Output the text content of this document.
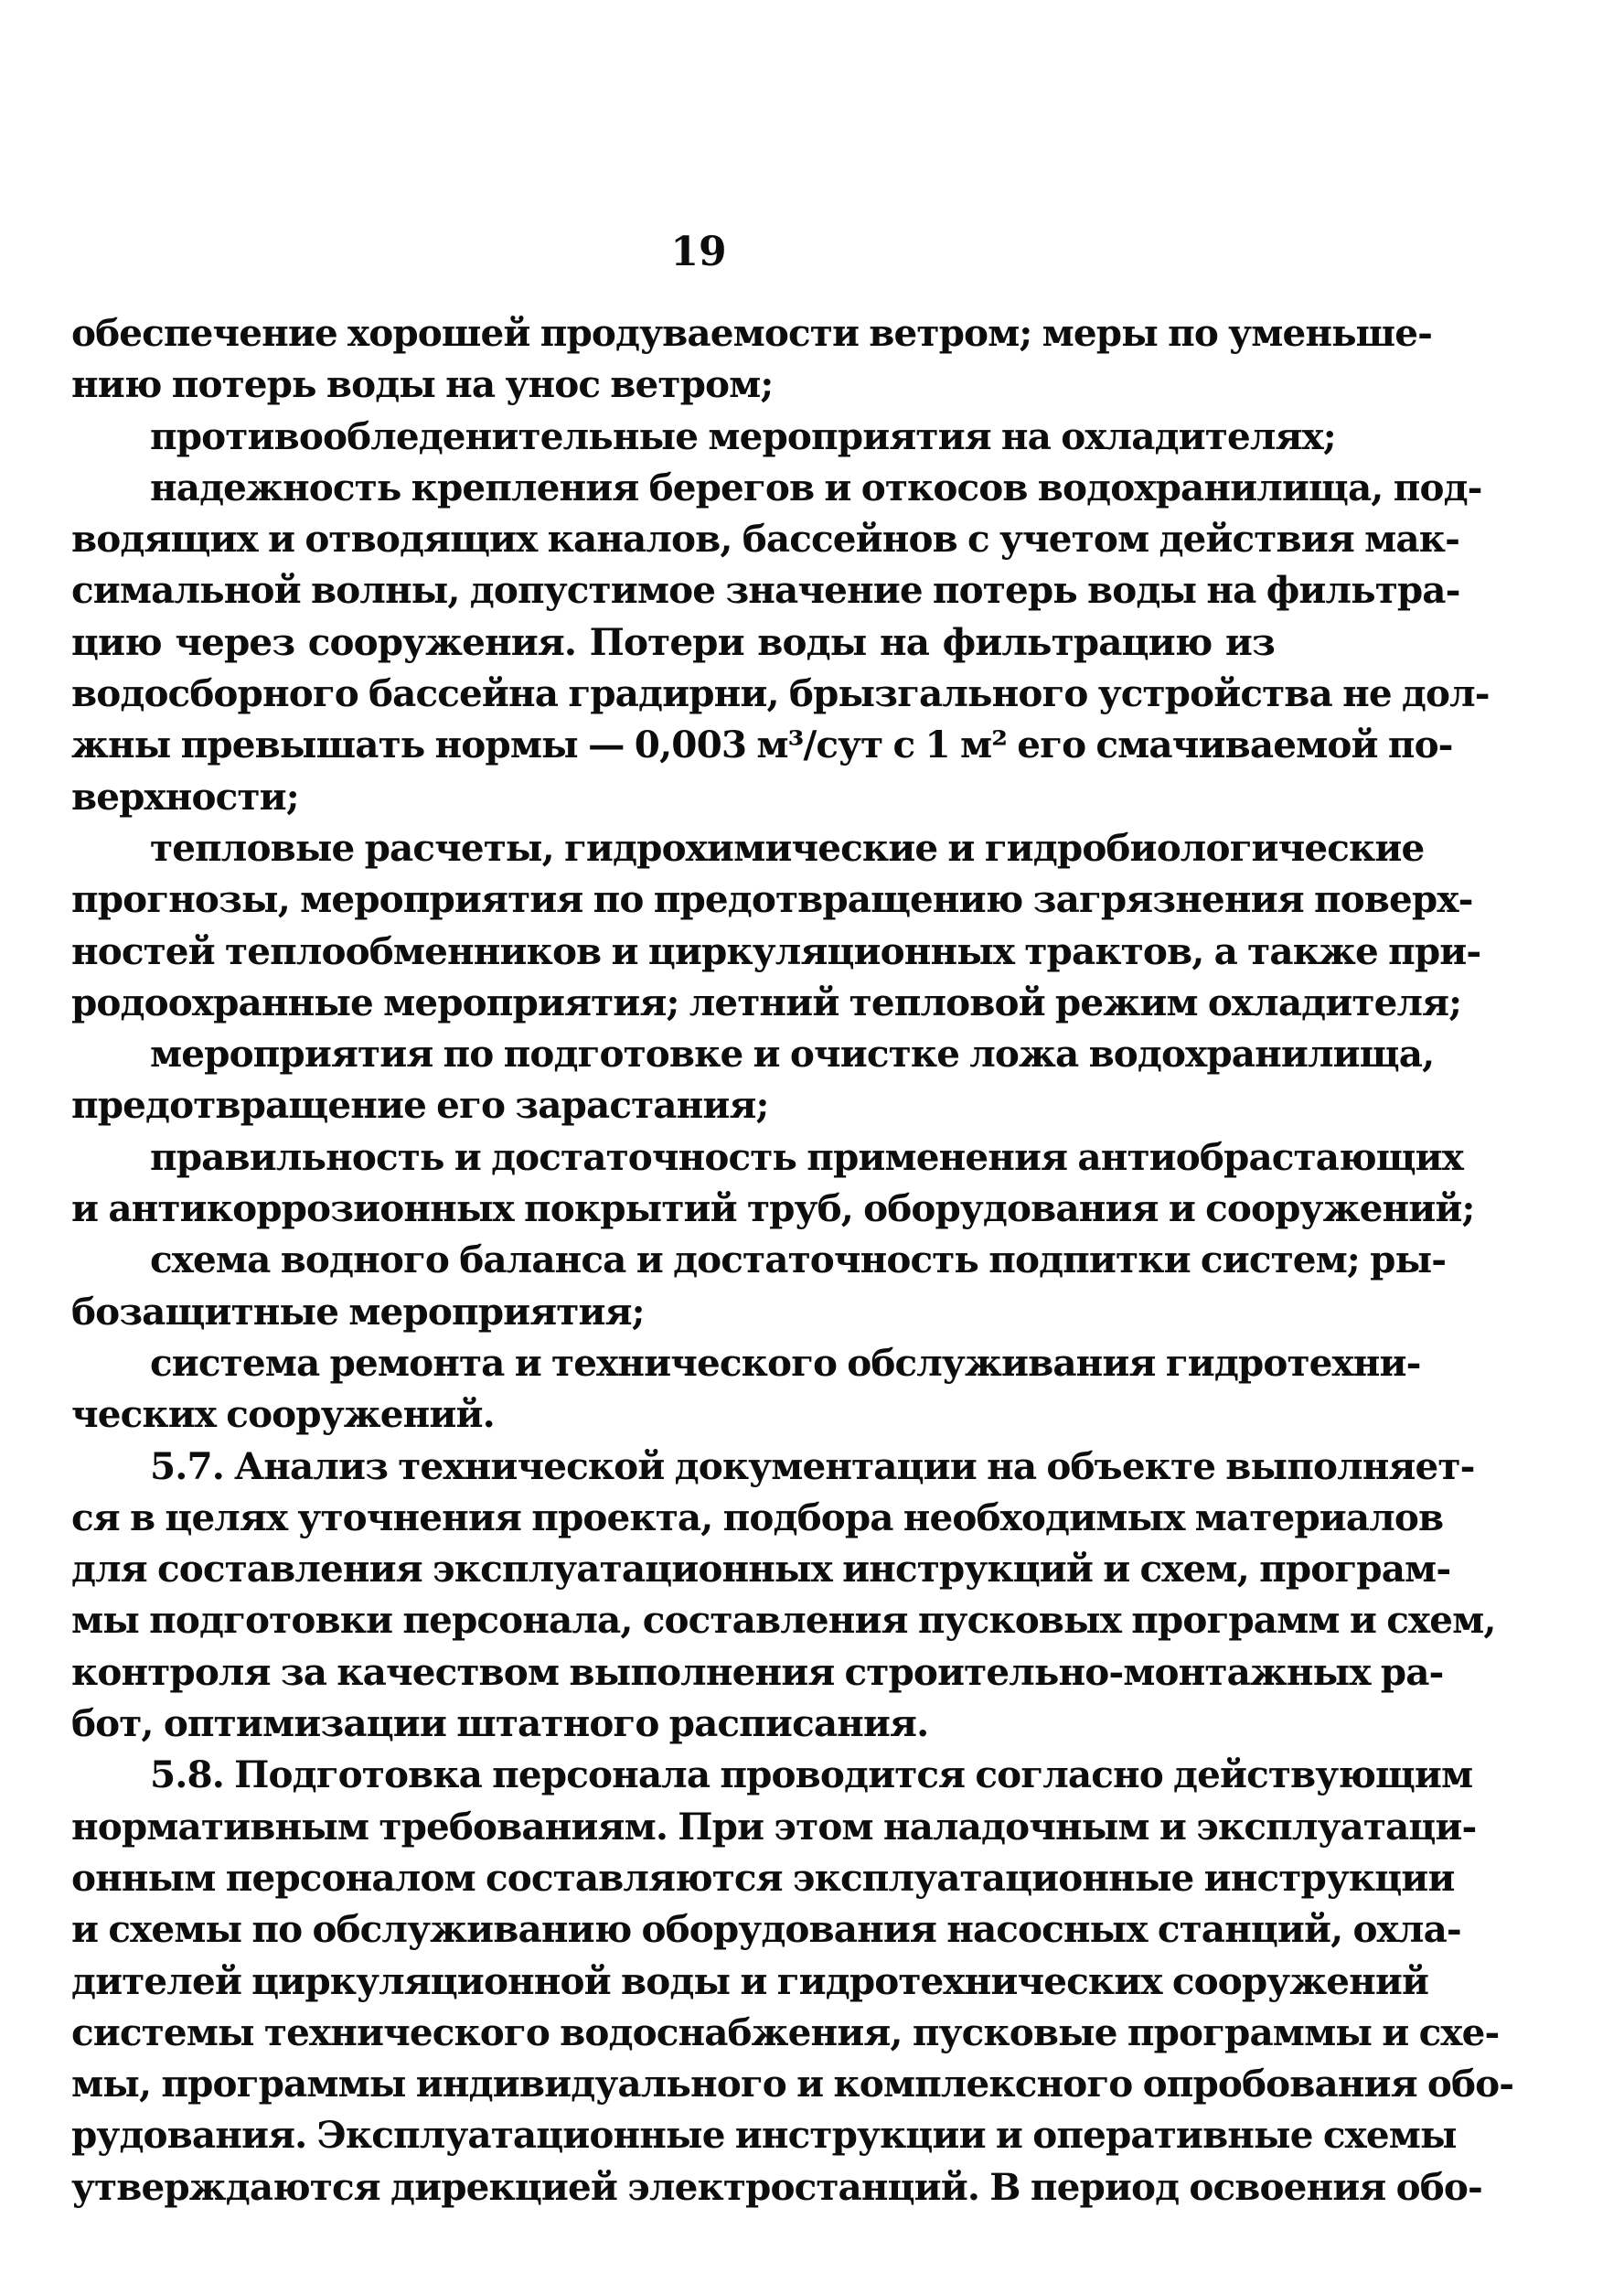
19
обеспечение хорошей продуваемости ветром; меры по уменьше-
нию потерь воды на унос ветром;
противообледенительные мероприятия на охладителях;
надежность крепления берегов и откосов водохранилища, под-
водящих и отводящих каналов, бассейнов с учетом действия мак-
симальной волны, допустимое значение потерь воды на фильтра-
цию через сооружения. Потери воды на фильтрацию из
водосборного бассейна градирни, брызгального устройства не дол-
жны превышать нормы — 0,003 м³/сут с 1 м² его смачиваемой по-
верхности;
тепловые расчеты, гидрохимические и гидробиологические
прогнозы, мероприятия по предотвращению загрязнения поверх-
ностей теплообменников и циркуляционных трактов, а также при-
родоохранные мероприятия; летний тепловой режим охладителя;
мероприятия по подготовке и очистке ложа водохранилища,
предотвращение его зарастания;
правильность и достаточность применения антиобрастающих
и антикоррозионных покрытий труб, оборудования и сооружений;
схема водного баланса и достаточность подпитки систем; ры-
бозащитные мероприятия;
система ремонта и технического обслуживания гидротехни-
ческих сооружений.
5.7. Анализ технической документации на объекте выполняет-
ся в целях уточнения проекта, подбора необходимых материалов
для составления эксплуатационных инструкций и схем, програм-
мы подготовки персонала, составления пусковых программ и схем,
контроля за качеством выполнения строительно-монтажных ра-
бот, оптимизации штатного расписания.
5.8. Подготовка персонала проводится согласно действующим
нормативным требованиям. При этом наладочным и эксплуатаци-
онным персоналом составляются эксплуатационные инструкции
и схемы по обслуживанию оборудования насосных станций, охла-
дителей циркуляционной воды и гидротехнических сооружений
системы технического водоснабжения, пусковые программы и схе-
мы, программы индивидуального и комплексного опробования обо-
рудования. Эксплуатационные инструкции и оперативные схемы
утверждаются дирекцией электростанций. В период освоения обо-
